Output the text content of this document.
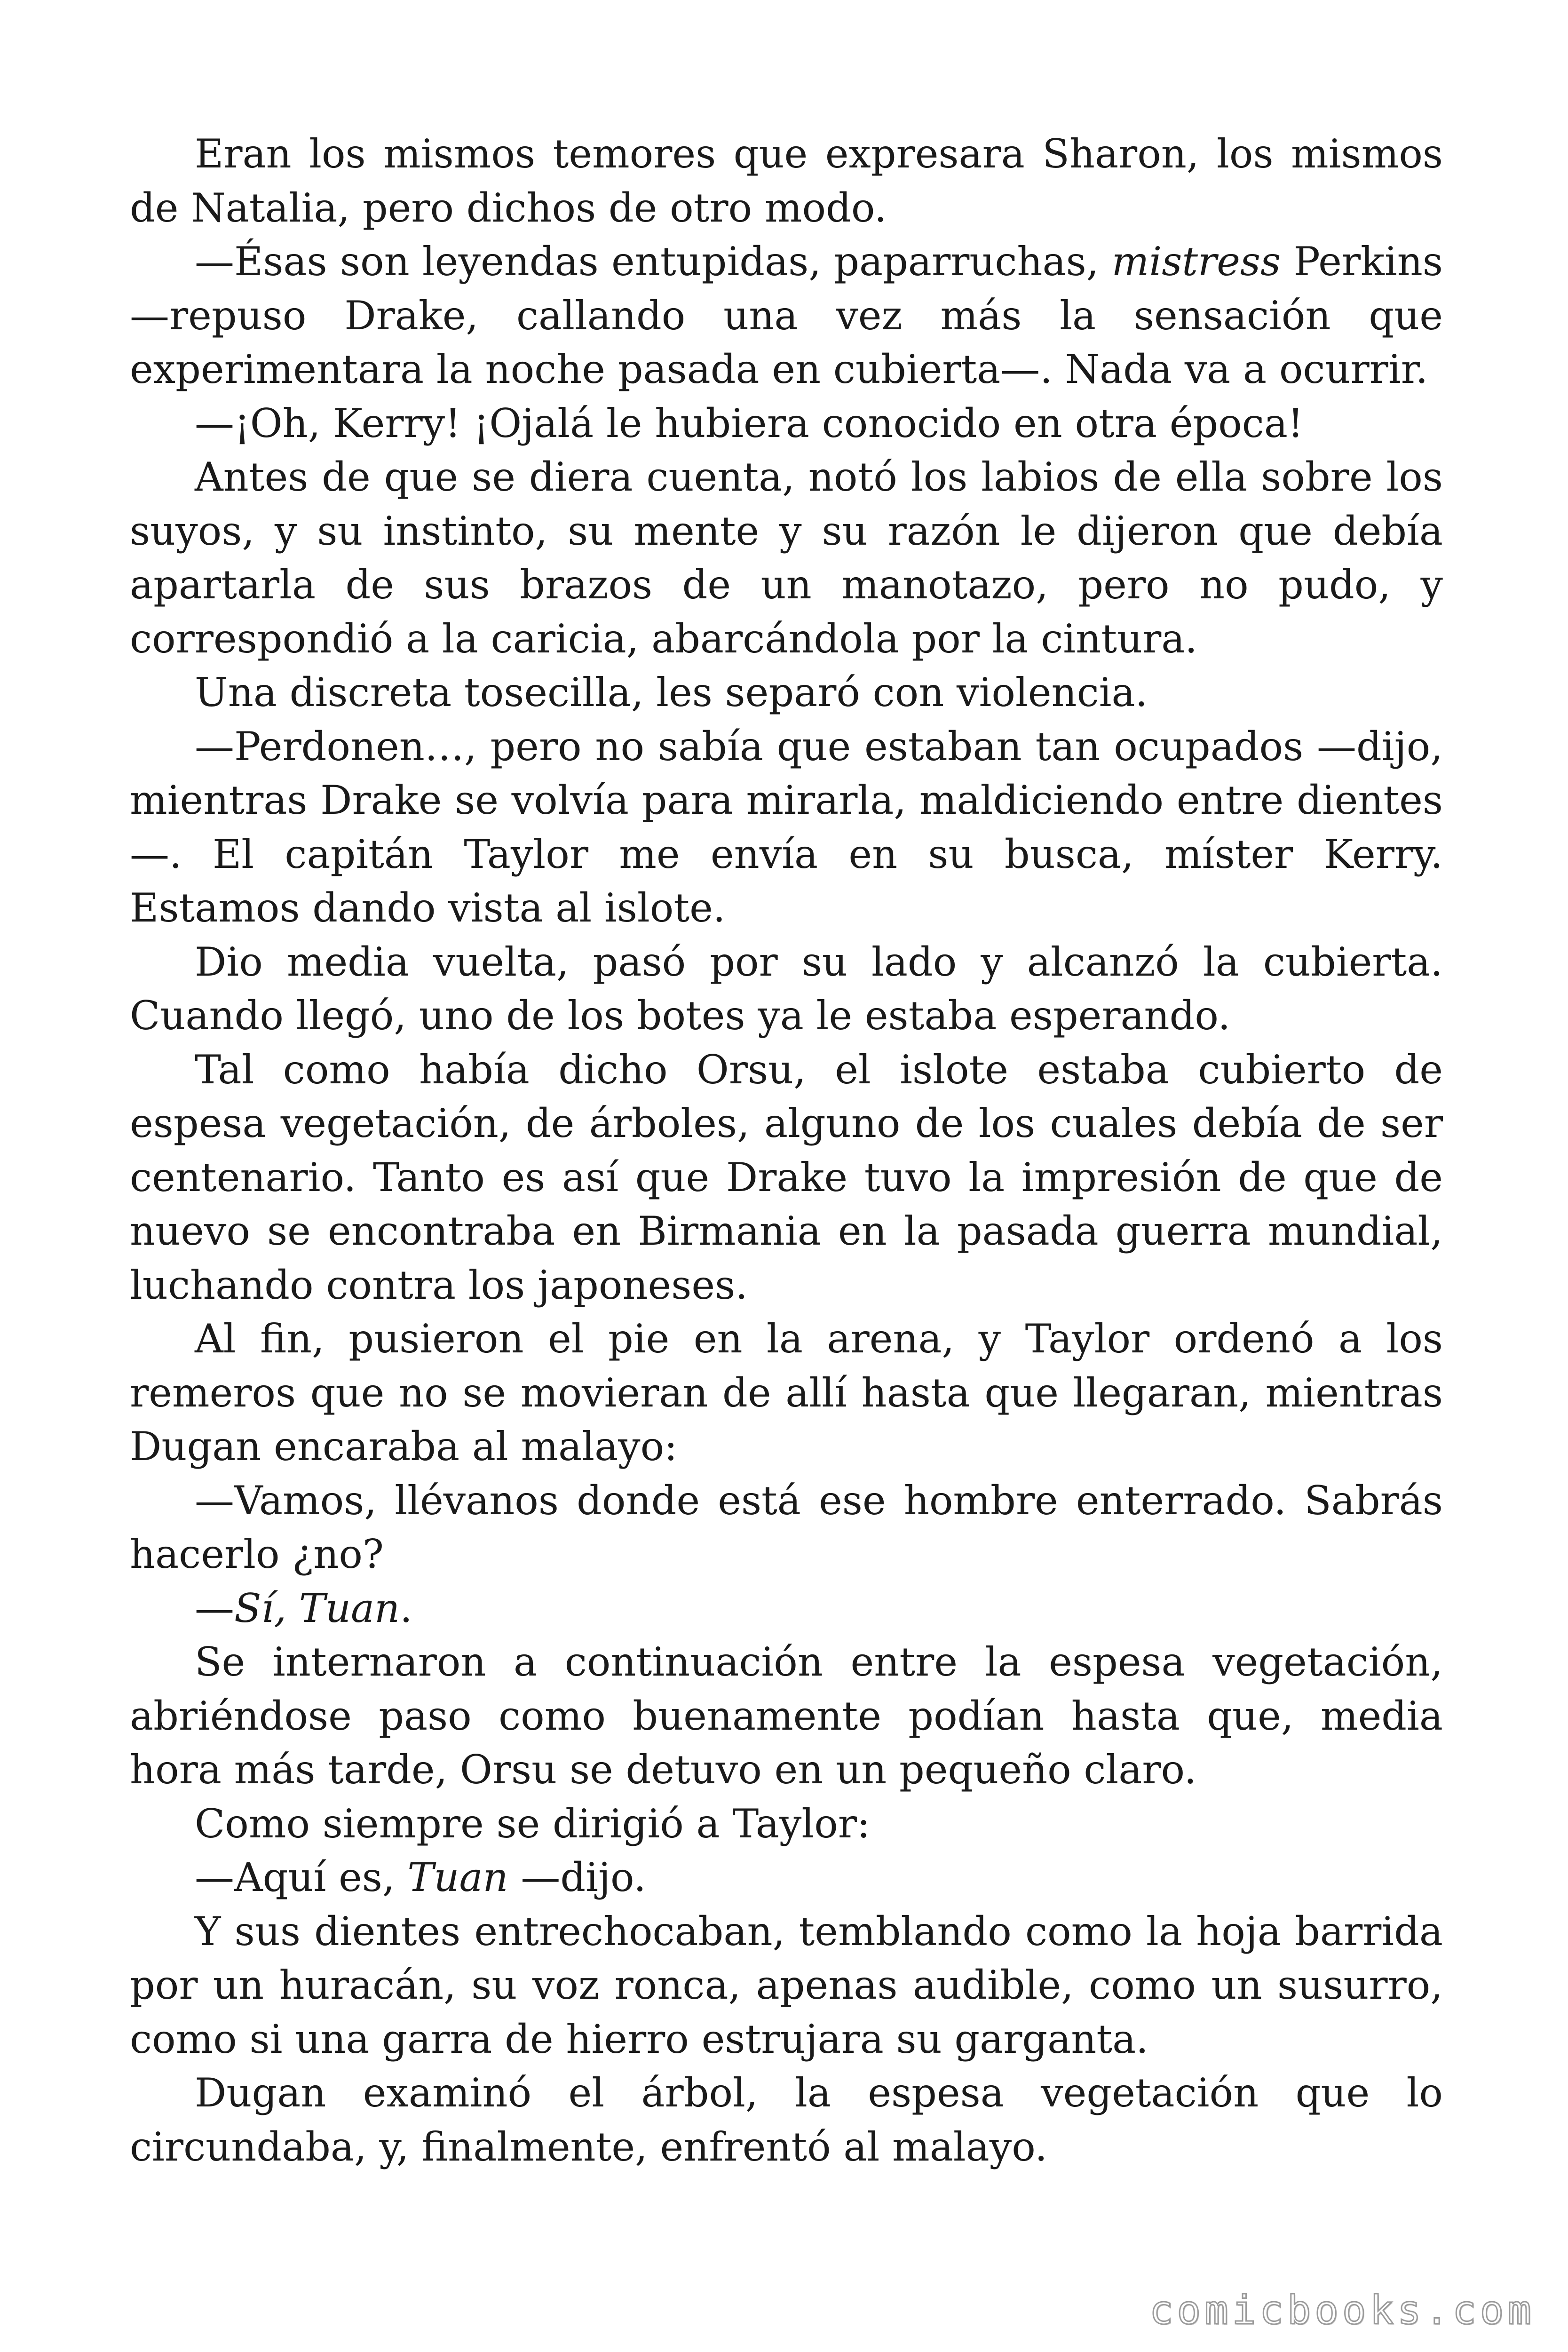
Eran los mismos temores que expresara Sharon, los mismos de Natalia, pero dichos de otro modo.

—Ésas son leyendas entupidas, paparruchas, mistress Perkins —repuso Drake, callando una vez más la sensación que experimentara la noche pasada en cubierta—. Nada va a ocurrir.

—¡Oh, Kerry! ¡Ojalá le hubiera conocido en otra época!

Antes de que se diera cuenta, notó los labios de ella sobre los suyos, y su instinto, su mente y su razón le dijeron que debía apartarla de sus brazos de un manotazo, pero no pudo, y correspondió a la caricia, abarcándola por la cintura.

Una discreta tosecilla, les separó con violencia.

—Perdonen…, pero no sabía que estaban tan ocupados —dijo, mientras Drake se volvía para mirarla, maldiciendo entre dientes—. El capitán Taylor me envía en su busca, míster Kerry. Estamos dando vista al islote.

Dio media vuelta, pasó por su lado y alcanzó la cubierta. Cuando llegó, uno de los botes ya le estaba esperando.

Tal como había dicho Orsu, el islote estaba cubierto de espesa vegetación, de árboles, alguno de los cuales debía de ser centenario. Tanto es así que Drake tuvo la impresión de que de nuevo se encontraba en Birmania en la pasada guerra mundial, luchando contra los japoneses.

Al fin, pusieron el pie en la arena, y Taylor ordenó a los remeros que no se movieran de allí hasta que llegaran, mientras Dugan encaraba al malayo:

—Vamos, llévanos donde está ese hombre enterrado. Sabrás hacerlo ¿no?

—Sí, Tuan.

Se internaron a continuación entre la espesa vegetación, abriéndose paso como buenamente podían hasta que, media hora más tarde, Orsu se detuvo en un pequeño claro.

Como siempre se dirigió a Taylor:

—Aquí es, Tuan —dijo.

Y sus dientes entrechocaban, temblando como la hoja barrida por un huracán, su voz ronca, apenas audible, como un susurro, como si una garra de hierro estrujara su garganta.

Dugan examinó el árbol, la espesa vegetación que lo circundaba, y, finalmente, enfrentó al malayo.

comicbooks.com
